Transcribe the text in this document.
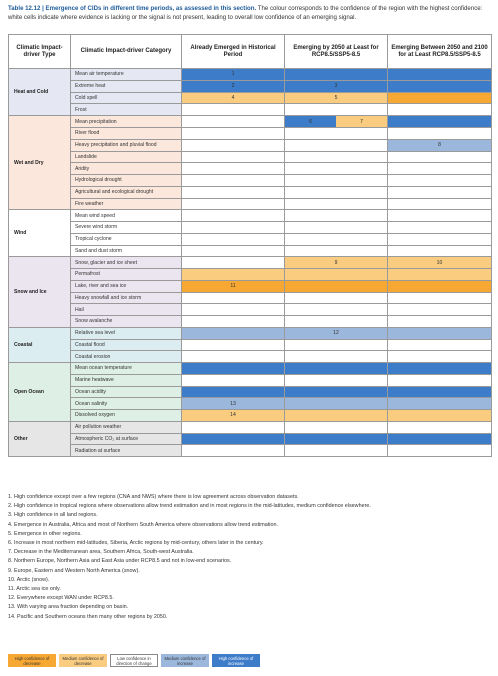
Table 12.12 | Emergence of CIDs in different time periods, as assessed in this section. The colour corresponds to the confidence of the region with the highest confidence: white cells indicate where evidence is lacking or the signal is not present, leading to overall low confidence of an emerging signal.
Climatic Impact-driver Type	Climatic Impact-driver Category	Already Emerged in Historical Period	Emerging by 2050 at Least for RCP8.5/SSP5-8.5	Emerging Between 2050 and 2100 for at Least RCP8.5/SSP5-8.5
Heat and Cold	Mean air temperature	1		
	Extreme heat	2	3	
	Cold spell	4	5	
	Frost			
Wet and Dry	Mean precipitation		6 7	

	River flood			
	Heavy precipitation and pluvial flood			8
	Landslide			
	Aridity			
	Hydrological drought			
	Agricultural and ecological drought			
	Fire weather			
Wind	Mean wind speed			
	Severe wind storm			
	Tropical cyclone			
	Sand and dust storm			
Snow and Ice	Snow, glacier and ice sheet		9	10
	Permafrost			
	Lake, river and sea ice	11		
	Heavy snowfall and ice storm			
	Hail			
	Snow avalanche			
Coastal	Relative sea level		12	
	Coastal flood			
	Coastal erosion			
Open Ocean	Mean ocean temperature			
	Marine heatwave			
	Ocean acidity			
	Ocean salinity	13		
	Dissolved oxygen	14		
Other	Air pollution weather			
	Atmospheric CO₂ at surface			
	Radiation at surface			
1. High confidence except over a few regions (CNA and NWS) where there is low agreement across observation datasets.
2. High confidence in tropical regions where observations allow trend estimation and in most regions in the mid-latitudes, medium confidence elsewhere.
3. High confidence in all land regions.
4. Emergence in Australia, Africa and most of Northern South America where observations allow trend estimation.
5. Emergence in other regions.
6. Increase in most northern mid-latitudes, Siberia, Arctic regions by mid-century, others later in the century.
7. Decrease in the Mediterranean area, Southern Africa, South-west Australia.
8. Northern Europe, Northern Asia and East Asia under RCP8.5 and not in low-end scenarios.
9. Europe, Eastern and Western North America (snow).
10. Arctic (snow).
11. Arctic sea ice only.
12. Everywhere except WAN under RCP8.5.
13. With varying area fraction depending on basin.
14. Pacific and Southern oceans then many other regions by 2050.
High confidence of decrease
Medium confidence of decrease
Low confidence in direction of change
Medium confidence of increase
High confidence of increase
